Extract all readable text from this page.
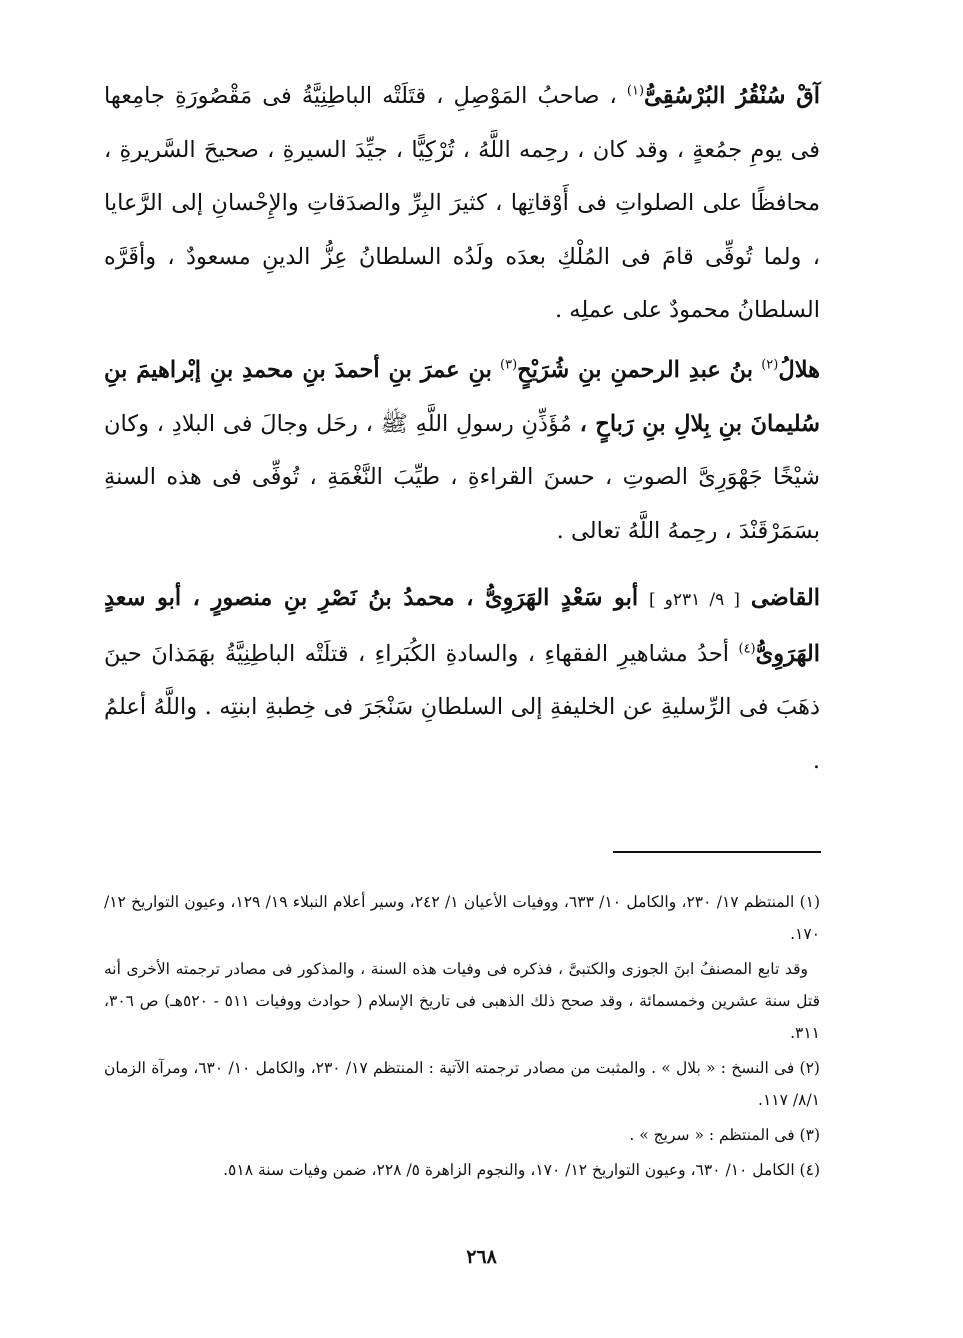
آقْ سُنْقُرُ البُرْسُقِىُّ$^{(١)}$ ، صاحبُ المَوْصِلِ ، قتَلَتْه الباطِنِيَّةُ فى مَقْصُورَةِ جامِعها فى يومِ جمُعةٍ ، وقد كان ، رحِمه اللَّهُ ، تُرْكِيًّا ، جيِّدَ السيرةِ ، صحيحَ السَّريرةِ ، محافظًا على الصلواتِ فى أَوْقاتِها ، كثيرَ البِرِّ والصدَقاتِ والإِحْسانِ إلى الرَّعايا ، ولما تُوفِّى قامَ فى المُلْكِ بعدَه ولَدُه السلطانُ عِزُّ الدينِ مسعودٌ ، وأقَرَّه السلطانُ محمودٌ على عملِه .

هلالُ$^{(٢)}$ بنُ عبدِ الرحمنِ بنِ شُرَيْحٍ$^{(٣)}$ بنِ عمرَ بنِ أحمدَ بنِ محمدِ بنِ إبْراهيمَ بنِ سُليمانَ بنِ بِلالِ بنِ رَباحٍ ، مُؤَذِّنِ رسولِ اللَّهِ ﷺ ، رحَل وجالَ فى البلادِ ، وكان شيْخًا جَهْوَرِىَّ الصوتِ ، حسنَ القراءةِ ، طيِّبَ النَّغْمَةِ ، تُوفِّى فى هذه السنةِ بسَمَرْقَنْدَ ، رحِمهُ اللَّهُ تعالى .

القاضى [ ٩/ ٢٣١و ] أبو سَعْدٍ الهَرَوِىُّ ، محمدُ بنُ نَصْرِ بنِ منصورٍ ، أبو سعدٍ الهَرَوِىُّ$^{(٤)}$ أحدُ مشاهيرِ الفقهاءِ ، والسادةِ الكُبَراءِ ، قتلَتْه الباطِنِيَّةُ بهَمَذانَ حينَ ذهَبَ فى الرِّسليةِ عن الخليفةِ إلى السلطانِ سَنْجَرَ فى خِطبةِ ابنتِه . واللَّهُ أعلمُ .

(١) المنتظم ١٧/ ٢٣٠، والكامل ١٠/ ٦٣٣، ووفيات الأعيان ١/ ٢٤٢، وسير أعلام النبلاء ١٩/ ١٢٩، وعيون التواريخ ١٢/ ١٧٠.

وقد تابع المصنفُ ابنَ الجوزى والكتبىَّ ، فذكره فى وفيات هذه السنة ، والمذكور فى مصادر ترجمته الأخرى أنه قتل سنة عشرين وخمسمائة ، وقد صحح ذلك الذهبى فى تاريخ الإسلام ( حوادث ووفيات ٥١١ - ٥٢٠هـ) ص ٣٠٦، ٣١١.

(٢) فى النسخ : « بلال » . والمثبت من مصادر ترجمته الآتية : المنتظم ١٧/ ٢٣٠، والكامل ١٠/ ٦٣٠، ومرآة الزمان ٨/١/ ١١٧.

(٣) فى المنتظم : « سريج » .

(٤) الكامل ١٠/ ٦٣٠، وعيون التواريخ ١٢/ ١٧٠، والنجوم الزاهرة ٥/ ٢٢٨، ضمن وفيات سنة ٥١٨.

٢٦٨
